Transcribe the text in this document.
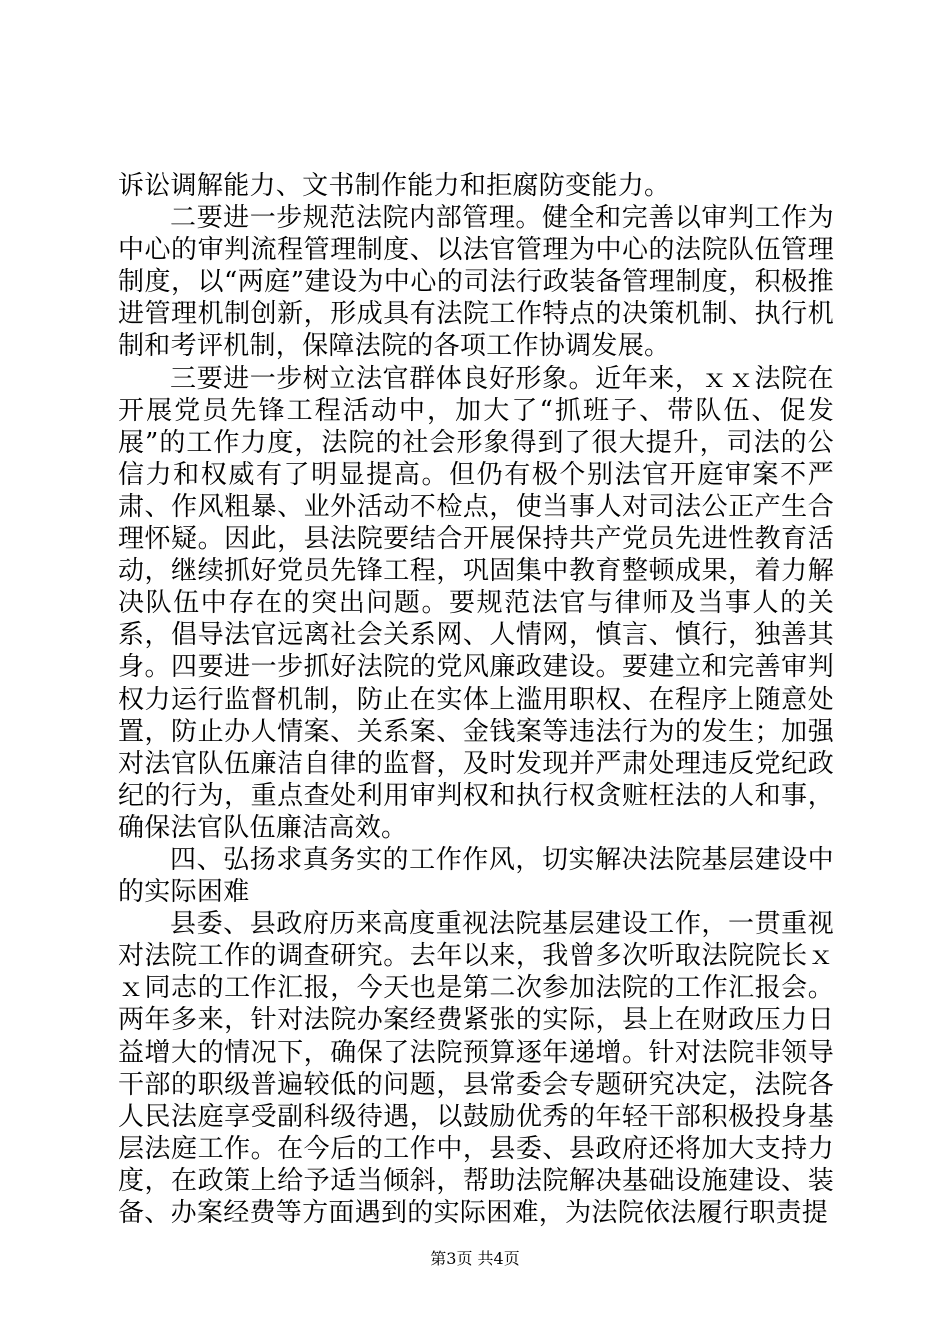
诉讼调解能力、文书制作能力和拒腐防变能力。

二要进一步规范法院内部管理。健全和完善以审判工作为中心的审判流程管理制度、以法官管理为中心的法院队伍管理制度，以“两庭”建设为中心的司法行政装备管理制度，积极推进管理机制创新，形成具有法院工作特点的决策机制、执行机制和考评机制，保障法院的各项工作协调发展。

三要进一步树立法官群体良好形象。近年来，ｘｘ法院在开展党员先锋工程活动中，加大了“抓班子、带队伍、促发展”的工作力度，法院的社会形象得到了很大提升，司法的公信力和权威有了明显提高。但仍有极个别法官开庭审案不严肃、作风粗暴、业外活动不检点，使当事人对司法公正产生合理怀疑。因此，县法院要结合开展保持共产党员先进性教育活动，继续抓好党员先锋工程，巩固集中教育整顿成果，着力解决队伍中存在的突出问题。要规范法官与律师及当事人的关系，倡导法官远离社会关系网、人情网，慎言、慎行，独善其身。四要进一步抓好法院的党风廉政建设。要建立和完善审判权力运行监督机制，防止在实体上滥用职权、在程序上随意处置，防止办人情案、关系案、金钱案等违法行为的发生；加强对法官队伍廉洁自律的监督，及时发现并严肃处理违反党纪政纪的行为，重点查处利用审判权和执行权贪赃枉法的人和事，确保法官队伍廉洁高效。

四、弘扬求真务实的工作作风，切实解决法院基层建设中的实际困难

县委、县政府历来高度重视法院基层建设工作，一贯重视对法院工作的调查研究。去年以来，我曾多次听取法院院长ｘｘ同志的工作汇报，今天也是第二次参加法院的工作汇报会。两年多来，针对法院办案经费紧张的实际，县上在财政压力日益增大的情况下，确保了法院预算逐年递增。针对法院非领导干部的职级普遍较低的问题，县常委会专题研究决定，法院各人民法庭享受副科级待遇，以鼓励优秀的年轻干部积极投身基层法庭工作。在今后的工作中，县委、县政府还将加大支持力度，在政策上给予适当倾斜，帮助法院解决基础设施建设、装备、办案经费等方面遇到的实际困难，为法院依法履行职责提

第3页 共4页
